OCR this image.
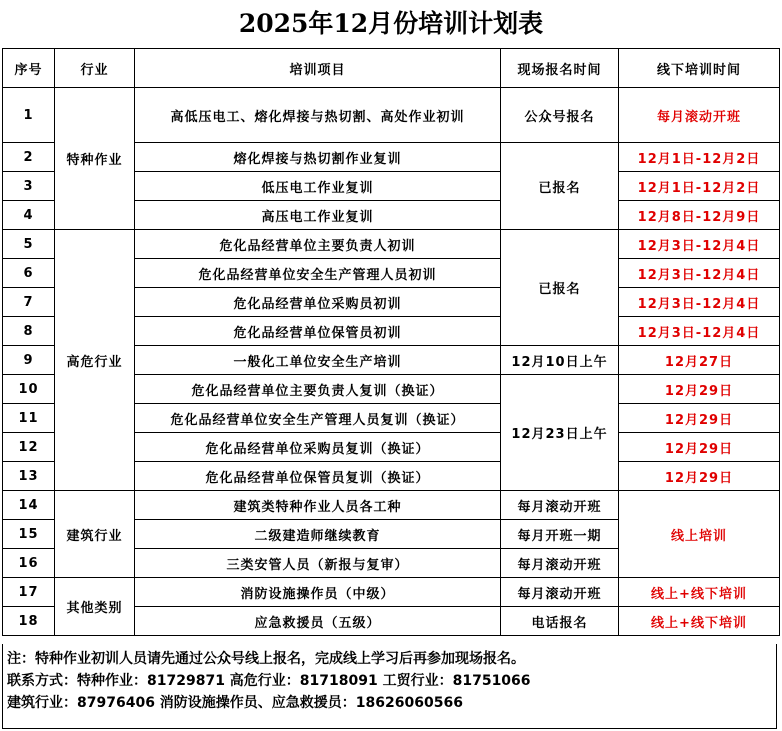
2025年12月份培训计划表
序号	行业	培训项目	现场报名时间	线下培训时间
1	特种作业	高低压电工、熔化焊接与热切割、高处作业初训	公众号报名	每月滚动开班
2		熔化焊接与热切割作业复训	已报名	12月1日-12月2日
3		低压电工作业复训		12月1日-12月2日
4		高压电工作业复训		12月8日-12月9日
5	高危行业	危化品经营单位主要负责人初训	已报名	12月3日-12月4日
6		危化品经营单位安全生产管理人员初训		12月3日-12月4日
7		危化品经营单位采购员初训		12月3日-12月4日
8		危化品经营单位保管员初训		12月3日-12月4日
9		一般化工单位安全生产培训	12月10日上午	12月27日
10		危化品经营单位主要负责人复训（换证）	12月23日上午	12月29日
11		危化品经营单位安全生产管理人员复训（换证）		12月29日
12		危化品经营单位采购员复训（换证）		12月29日
13		危化品经营单位保管员复训（换证）		12月29日
14	建筑行业	建筑类特种作业人员各工种	每月滚动开班	线上培训
15		二级建造师继续教育	每月开班一期	
16		三类安管人员（新报与复审）	每月滚动开班	
17	其他类别	消防设施操作员（中级）	每月滚动开班	线上+线下培训
18		应急救援员（五级）	电话报名	线上+线下培训
注：特种作业初训人员请先通过公众号线上报名，完成线上学习后再参加现场报名。
联系方式：特种作业：81729871 高危行业：81718091 工贸行业：81751066
建筑行业：87976406 消防设施操作员、应急救援员：18626060566
